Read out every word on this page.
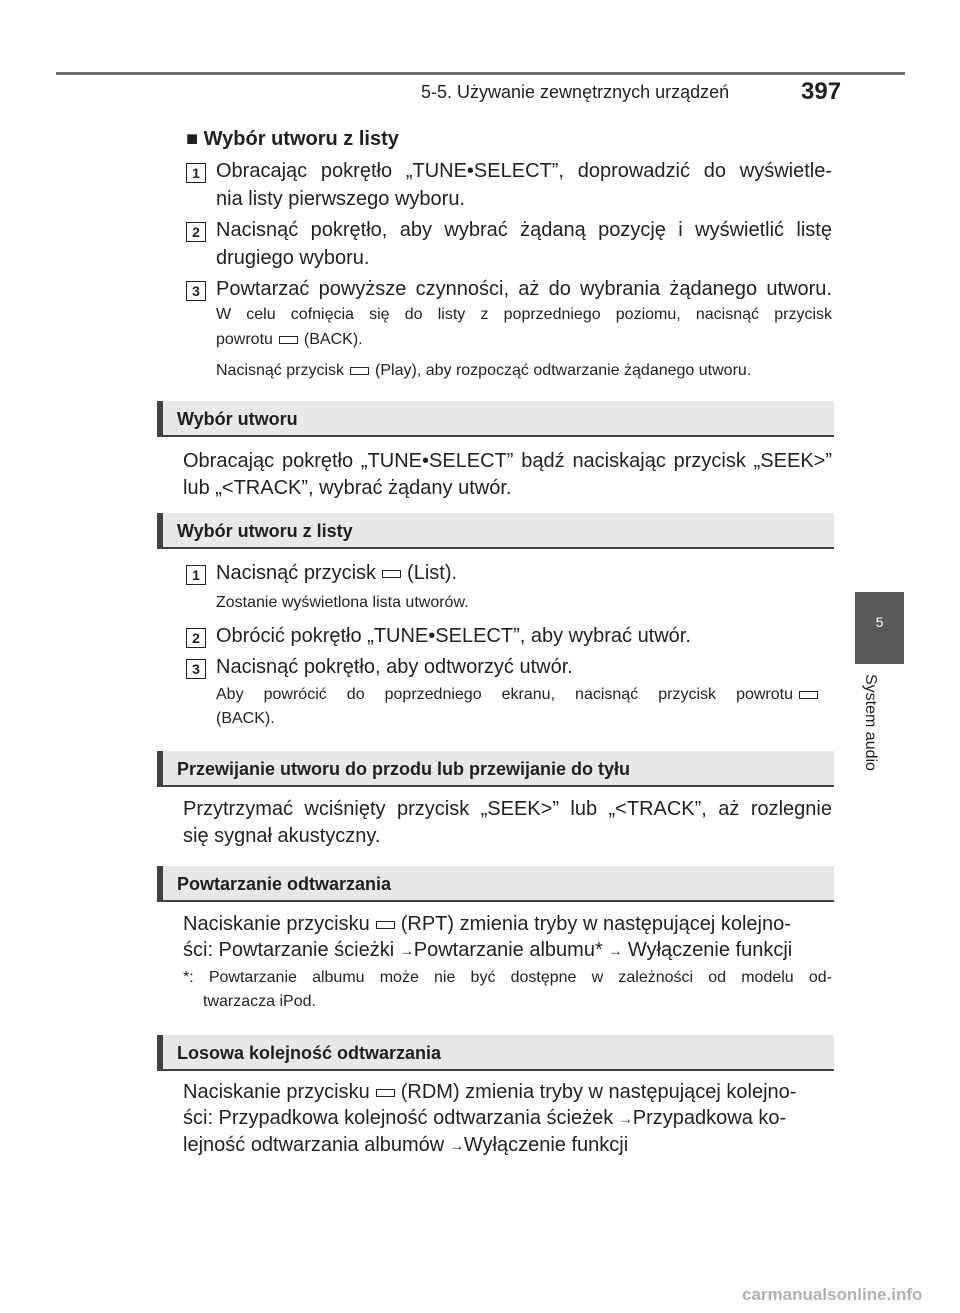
5-5. Używanie zewnętrznych urządzeń	397
5
System audio
■ Wybór utworu z listy
1 Obracając pokrętło „TUNE•SELECT”, doprowadzić do wyświetle-
nia listy pierwszego wyboru.
2 Nacisnąć pokrętło, aby wybrać żądaną pozycję i wyświetlić listę
drugiego wyboru.
3 Powtarzać powyższe czynności, aż do wybrania żądanego utworu.
W celu cofnięcia się do listy z poprzedniego poziomu, nacisnąć przycisk
powrotu (BACK).
Nacisnąć przycisk (Play), aby rozpocząć odtwarzanie żądanego utworu.
Wybór utworu
Obracając pokrętło „TUNE•SELECT” bądź naciskając przycisk „SEEK>”
lub „<TRACK”, wybrać żądany utwór.
Wybór utworu z listy
1 Nacisnąć przycisk (List).
Zostanie wyświetlona lista utworów.
2 Obrócić pokrętło „TUNE•SELECT”, aby wybrać utwór.
3 Nacisnąć pokrętło, aby odtworzyć utwór.
Aby powrócić do poprzedniego ekranu, nacisnąć przycisk powrotu
(BACK).
Przewijanie utworu do przodu lub przewijanie do tyłu
Przytrzymać wciśnięty przycisk „SEEK>” lub „<TRACK”, aż rozlegnie
się sygnał akustyczny.
Powtarzanie odtwarzania
Naciskanie przycisku (RPT) zmienia tryby w następującej kolejno-
ści: Powtarzanie ścieżki →Powtarzanie albumu* → Wyłączenie funkcji
*: Powtarzanie albumu może nie być dostępne w zależności od modelu od-
twarzacza iPod.
Losowa kolejność odtwarzania
Naciskanie przycisku (RDM) zmienia tryby w następującej kolejno-
ści: Przypadkowa kolejność odtwarzania ścieżek →Przypadkowa ko-
lejność odtwarzania albumów →Wyłączenie funkcji
carmanualsonline.info
